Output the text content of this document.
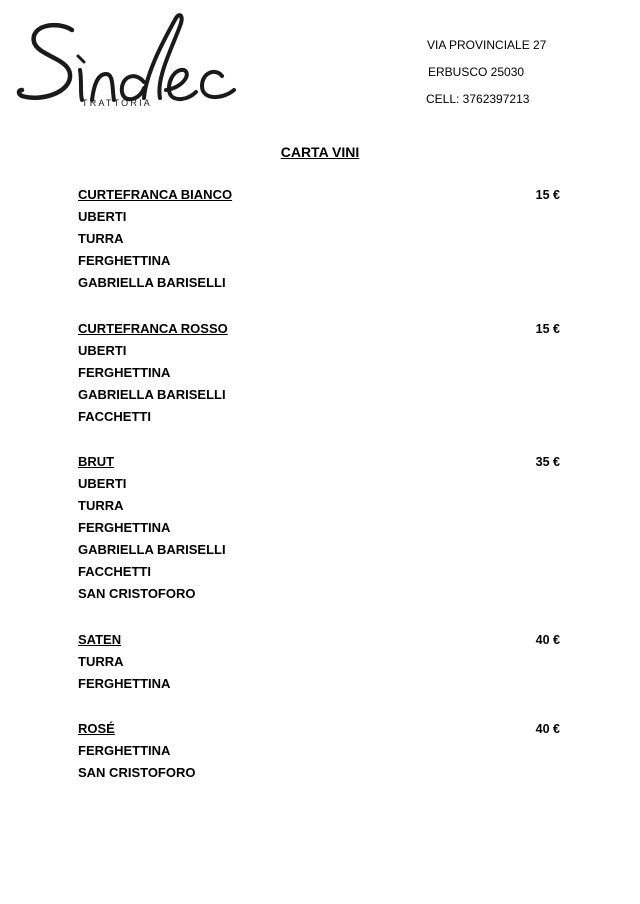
TRATTORIA
VIA PROVINCIALE 27
ERBUSCO 25030
CELL: 3762397213
CARTA VINI
CURTEFRANCA BIANCO	15 €
UBERTI
TURRA
FERGHETTINA
GABRIELLA BARISELLI
CURTEFRANCA ROSSO	15 €
UBERTI
FERGHETTINA
GABRIELLA BARISELLI
FACCHETTI
BRUT	35 €
UBERTI
TURRA
FERGHETTINA
GABRIELLA BARISELLI
FACCHETTI
SAN CRISTOFORO
SATEN	40 €
TURRA
FERGHETTINA
ROSÉ	40 €
FERGHETTINA
SAN CRISTOFORO
